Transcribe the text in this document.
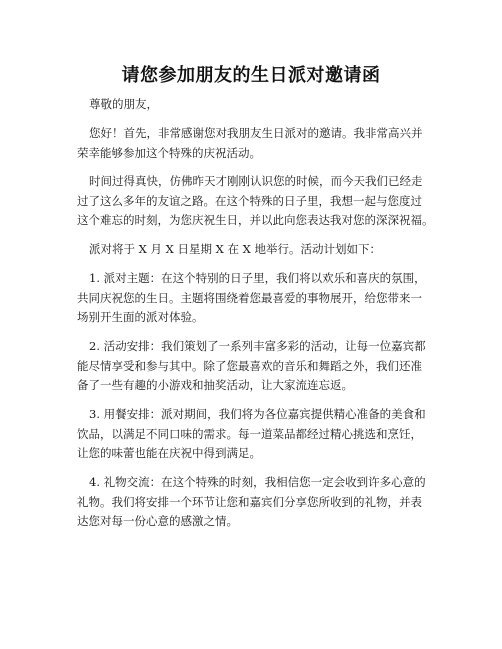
请您参加朋友的生日派对邀请函
尊敬的朋友，
您好！首先，非常感谢您对我朋友生日派对的邀请。我非常高兴并
荣幸能够参加这个特殊的庆祝活动。
时间过得真快，仿佛昨天才刚刚认识您的时候，而今天我们已经走
过了这么多年的友谊之路。在这个特殊的日子里，我想一起与您度过
这个难忘的时刻，为您庆祝生日，并以此向您表达我对您的深深祝福。
派对将于 X 月 X 日星期 X 在 X 地举行。活动计划如下：
1. 派对主题：在这个特别的日子里，我们将以欢乐和喜庆的氛围，
共同庆祝您的生日。主题将围绕着您最喜爱的事物展开，给您带来一
场别开生面的派对体验。
2. 活动安排：我们策划了一系列丰富多彩的活动，让每一位嘉宾都
能尽情享受和参与其中。除了您最喜欢的音乐和舞蹈之外，我们还准
备了一些有趣的小游戏和抽奖活动，让大家流连忘返。
3. 用餐安排：派对期间，我们将为各位嘉宾提供精心准备的美食和
饮品，以满足不同口味的需求。每一道菜品都经过精心挑选和烹饪，
让您的味蕾也能在庆祝中得到满足。
4. 礼物交流：在这个特殊的时刻，我相信您一定会收到许多心意的
礼物。我们将安排一个环节让您和嘉宾们分享您所收到的礼物，并表
达您对每一份心意的感激之情。
